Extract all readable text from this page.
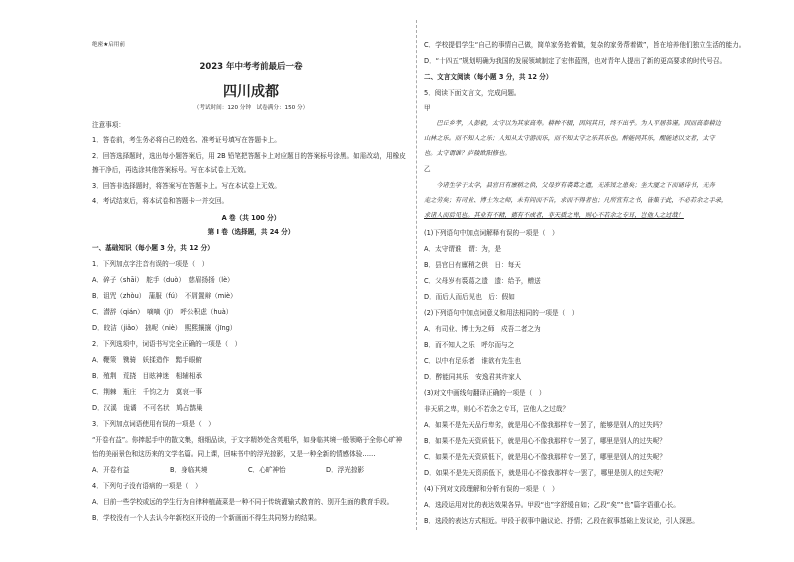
绝密★启用前
2023 年中考考前最后一卷
四川成都
（考试时间：120 分钟　试卷满分：150 分）
注意事项：
1．答卷前，考生务必将自己的姓名、准考证号填写在答题卡上。
2．回答选择题时，选出每小题答案后，用 2B 铅笔把答题卡上对应题目的答案标号涂黑。如需改动，用橡皮
擦干净后，再选涂其他答案标号。写在本试卷上无效。
3．回答非选择题时，将答案写在答题卡上。写在本试卷上无效。
4．考试结束后，将本试卷和答题卡一并交回。
A 卷（共 100 分）
第 I 卷（选择题，共 24 分）
一、基础知识（每小题 3 分，共 12 分）
1．下列加点字注音有误的一项是（　）
A．碎子（shāi）　舵手（duò）　慈眉扬扬（lè）
B．诅咒（zhòu）　蒲服（fú）　不屑置辩（miè）
C．潜辞（qián）　嘀嘀（jī）　呼公积虑（huà）
D．皎洁（jiǎo）　拙呢（niè）　熙熙攘攘（jīng）
2．下列选项中，词语书写完全正确的一项是（　）
A．鞭策　镌骑　妖揉造作　黯手眼俯
B．殖荆　荒挠　目眩神迷　相辅相承
C．荆棘　瓶庄　千钧之力　莫哀一事
D．汉溪　诡谲　不可名状　鸠占鹊巢
3．下列加点词语使用有误的一项是（　）
“开卷有益”。你捧起手中的散文集，细细品读，于文字精妙处含英咀华，如身临其境一般领略于全你心旷神
怡的美丽景色和这历来的文学名篇。同上课，回味书中的浮光掠影，又是一种全新的情感体验……
A．开卷有益	B．身临其境	C．心旷神怡	D．浮光掠影
4．下列句子没有语病的一项是（　）
A．目前一些学校或远的学生行为自律种植蔬菜是一种不同于传统灌输式教育的、别开生面的教育手段。
B．学校没有一个人去认今年新校区开设的一个新画面不得生共同努力的结果。
C．学校提倡学生“自己的事情自己做，简单家务抢着做，复杂的家务帮着做”，旨在培养他们独立生活的能力。
D．“十四五”规划明确为我国的发展领域制定了宏伟蓝图，也对青年人提出了新的更高要求的时代号召。
二、文言文阅读（每小题 3 分，共 12 分）
5．阅读下面文言文，完成问题。
甲
　　巴丘乡孝，人彭毅，太守以为其家高寿。耕种不辍，因问其日，终不出乎。为人平居恭谨。因而高泰耕边
山林之乐。而不知人之乐；人知从太守游而乐，而不知太守之乐其乐也。醉能同其乐，醒能述以文者，太守
也。太守谓谁？庐陵欧阳修也。
乙
　　今诸生学于太学，县官日有廪稍之供，父母岁有裘葛之遗，无冻馁之患矣；坐大厦之下而诵诗书，无奔
走之劳矣；有司业、博士为之师，未有问而不告，求而不得者也；凡所宜有之书，皆集于此，不必若余之手录，
求诸人而后见也。其业有不精，德有不成者，非天质之卑，则心不若余之专耳，岂他人之过哉！
(1)下列语句中加点词解释有误的一项是（　）
A．太守谓谁　谓：为，是
B．县官日有廪稍之供　日：每天
C．父母岁有裘葛之遗　遗：给予，赠送
D．而后人而后见也　后：假如
(2)下列语句中加点词意义和用法相同的一项是（　）
A．有司业、博士为之师　戍吾二者之为
B．而不知人之乐　呼尔而与之
C．以中有足乐者　谁欲有先生也
D．醉能同其乐　安逸君其许家人
(3)对文中画线句翻译正确的一项是（　）
非天质之卑，则心不若余之专耳，岂他人之过哉？
A．如果不是先天品行卑劣，就是用心不像我那样专一罢了，能够是别人的过失吗？
B．如果不是先天资质低下，就是用心不像我那样专一罢了，哪里是别人的过失呢？
C．如果不是先天资质低下，就是用心不像我那样专一罢了，哪里是别人的过失呢？
D．如果不是先天资质低下，就是用心不像我那样专一罢了，哪里是别人的过失呢？
(4)下列对文段理解和分析有误的一项是（　）
A．选段运用对比的表达效果各异。甲段“也”字舒缓自如；乙段“矣”“也”篇字语重心长。
B．选段的表达方式相近。甲段于叙事中融议论、抒情；乙段在叙事基础上发议论，引人深思。
